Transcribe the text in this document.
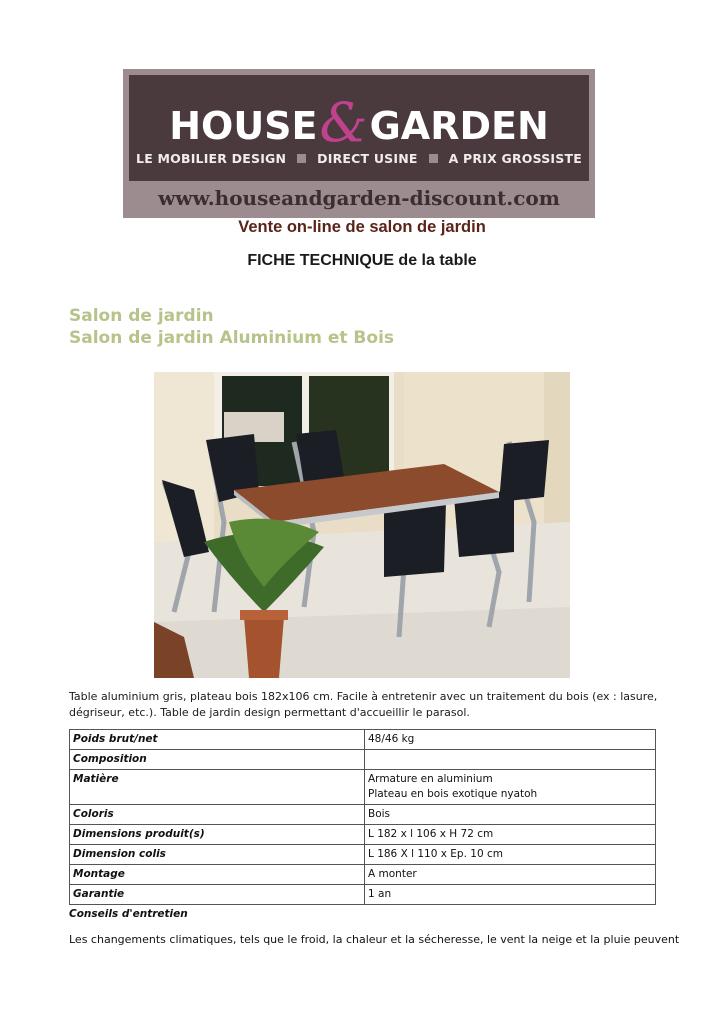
HOUSE&GARDEN
LE MOBILIER DESIGN DIRECT USINE A PRIX GROSSISTE
www.houseandgarden-discount.com
Vente on-line de salon de jardin
FICHE TECHNIQUE de la table
Salon de jardin
Salon de jardin Aluminium et Bois
Table aluminium gris, plateau bois 182x106 cm. Facile à entretenir avec un traitement du bois (ex : lasure, dégriseur, etc.). Table de jardin design permettant d'accueillir le parasol.
Poids brut/net	48/46 kg
Composition	
Matière	Armature en aluminium
Plateau en bois exotique nyatoh

Coloris	Bois
Dimensions produit(s)	L 182 x l 106 x H 72 cm
Dimension colis	L 186 X l 110 x Ep. 10 cm
Montage	A monter
Garantie	1 an
Conseils d'entretien
Les changements climatiques, tels que le froid, la chaleur et la sécheresse, le vent la neige et la pluie peuvent
